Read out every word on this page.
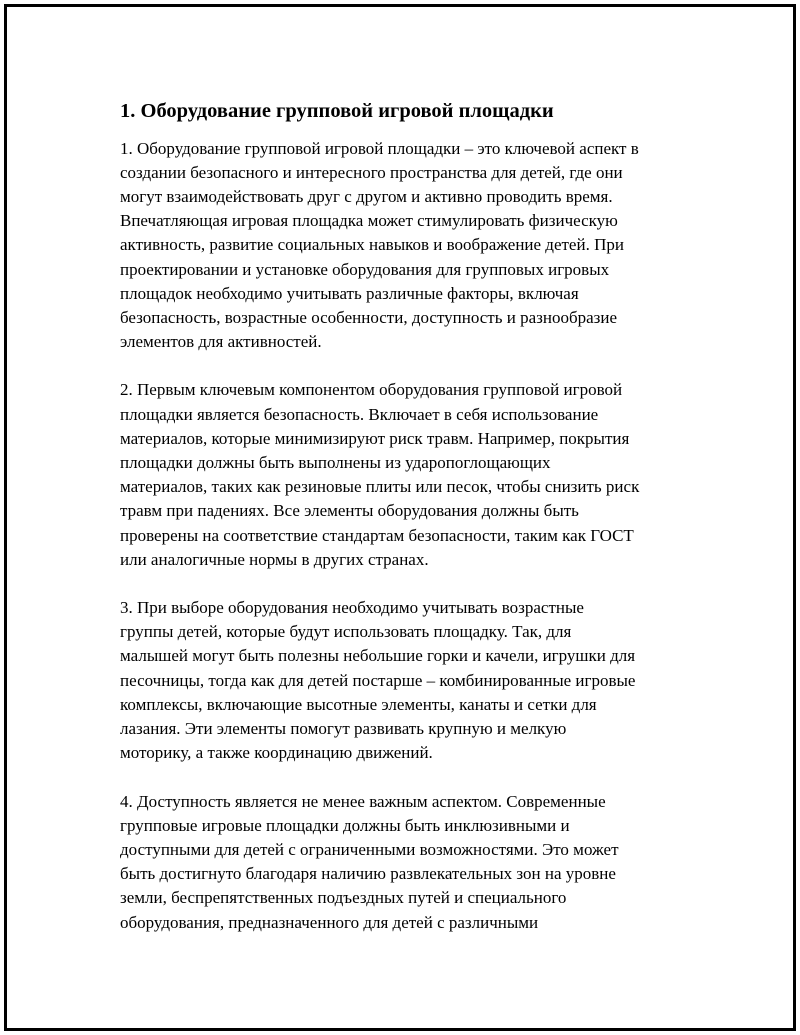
1. Оборудование групповой игровой площадки

1. Оборудование групповой игровой площадки – это ключевой аспект в
создании безопасного и интересного пространства для детей, где они
могут взаимодействовать друг с другом и активно проводить время.
Впечатляющая игровая площадка может стимулировать физическую
активность, развитие социальных навыков и воображение детей. При
проектировании и установке оборудования для групповых игровых
площадок необходимо учитывать различные факторы, включая
безопасность, возрастные особенности, доступность и разнообразие
элементов для активностей.

2. Первым ключевым компонентом оборудования групповой игровой
площадки является безопасность. Включает в себя использование
материалов, которые минимизируют риск травм. Например, покрытия
площадки должны быть выполнены из ударопоглощающих
материалов, таких как резиновые плиты или песок, чтобы снизить риск
травм при падениях. Все элементы оборудования должны быть
проверены на соответствие стандартам безопасности, таким как ГОСТ
или аналогичные нормы в других странах.

3. При выборе оборудования необходимо учитывать возрастные
группы детей, которые будут использовать площадку. Так, для
малышей могут быть полезны небольшие горки и качели, игрушки для
песочницы, тогда как для детей постарше – комбинированные игровые
комплексы, включающие высотные элементы, канаты и сетки для
лазания. Эти элементы помогут развивать крупную и мелкую
моторику, а также координацию движений.

4. Доступность является не менее важным аспектом. Современные
групповые игровые площадки должны быть инклюзивными и
доступными для детей с ограниченными возможностями. Это может
быть достигнуто благодаря наличию развлекательных зон на уровне
земли, беспрепятственных подъездных путей и специального
оборудования, предназначенного для детей с различными
